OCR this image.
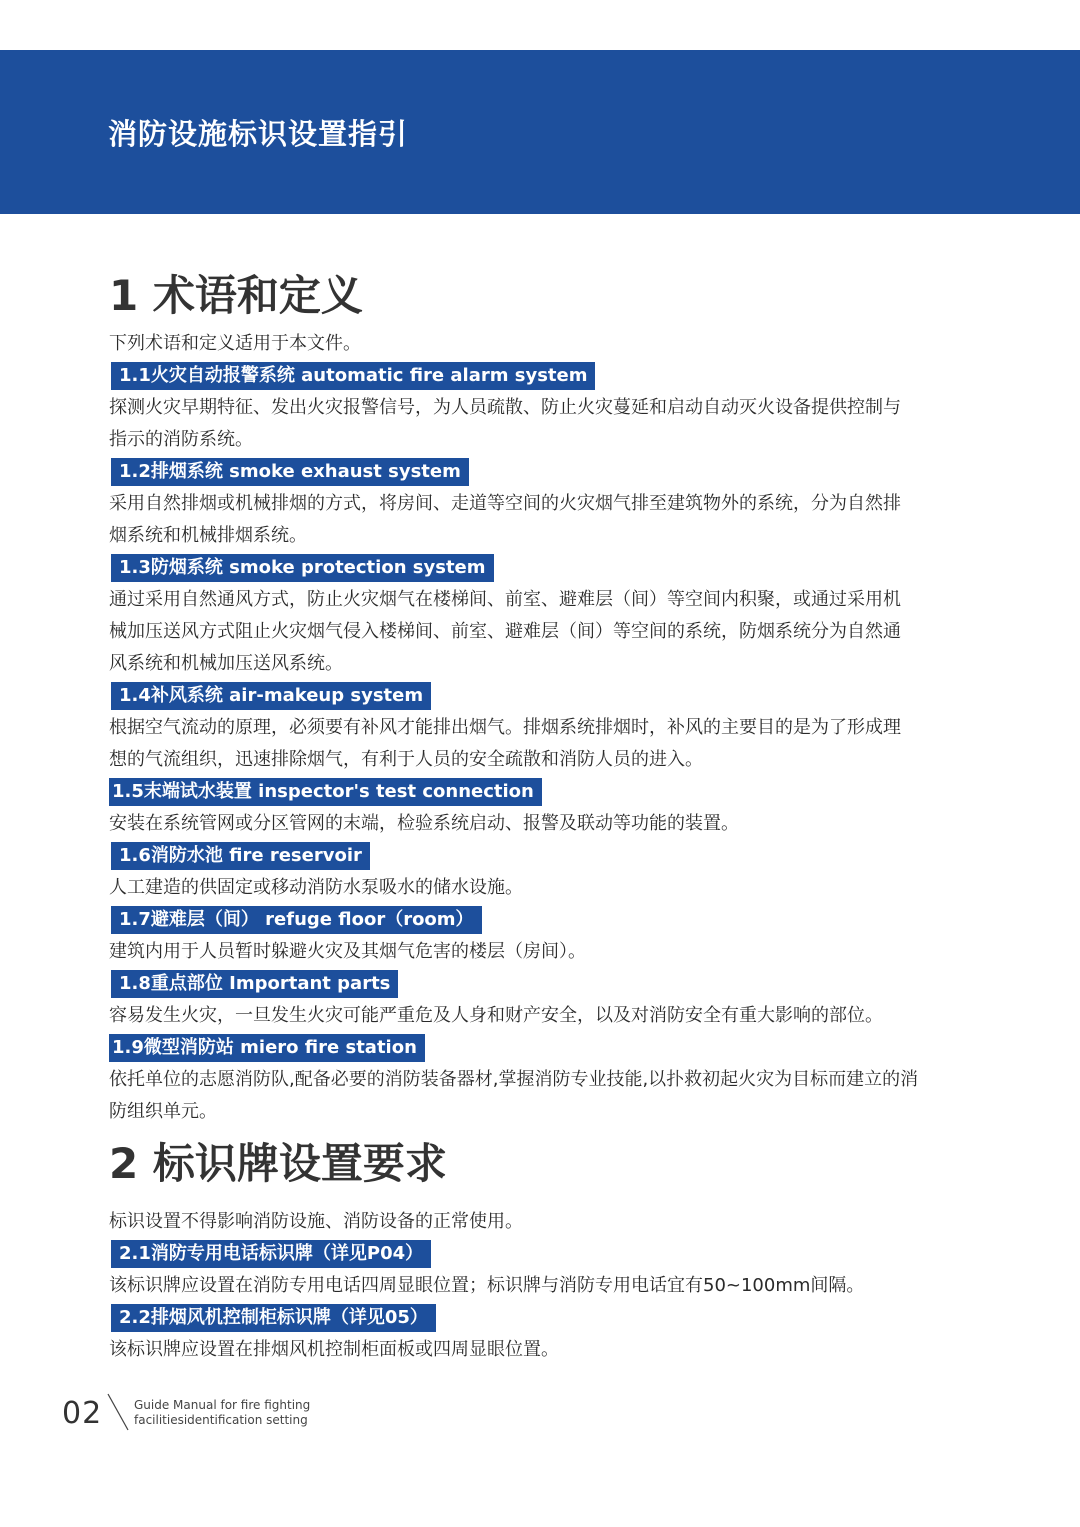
消防设施标识设置指引
1 术语和定义

下列术语和定义适用于本文件。

1.1火灾自动报警系统 automatic fire alarm system

探测火灾早期特征、发出火灾报警信号，为人员疏散、防止火灾蔓延和启动自动灭火设备提供控制与

指示的消防系统。

1.2排烟系统 smoke exhaust system

采用自然排烟或机械排烟的方式，将房间、走道等空间的火灾烟气排至建筑物外的系统，分为自然排

烟系统和机械排烟系统。

1.3防烟系统 smoke protection system

通过采用自然通风方式，防止火灾烟气在楼梯间、前室、避难层（间）等空间内积聚，或通过采用机

械加压送风方式阻止火灾烟气侵入楼梯间、前室、避难层（间）等空间的系统，防烟系统分为自然通

风系统和机械加压送风系统。

1.4补风系统 air-makeup system

根据空气流动的原理，必须要有补风才能排出烟气。排烟系统排烟时，补风的主要目的是为了形成理

想的气流组织，迅速排除烟气，有利于人员的安全疏散和消防人员的进入。

1.5末端试水装置 inspector's test connection

安装在系统管网或分区管网的末端，检验系统启动、报警及联动等功能的装置。

1.6消防水池 fire reservoir

人工建造的供固定或移动消防水泵吸水的储水设施。

1.7避难层（间） refuge floor（room）

建筑内用于人员暂时躲避火灾及其烟气危害的楼层（房间）。

1.8重点部位 Important parts

容易发生火灾，一旦发生火灾可能严重危及人身和财产安全，以及对消防安全有重大影响的部位。

1.9微型消防站 miero fire station

依托单位的志愿消防队,配备必要的消防装备器材,掌握消防专业技能,以扑救初起火灾为目标而建立的消

防组织单元。

2 标识牌设置要求

标识设置不得影响消防设施、消防设备的正常使用。

2.1消防专用电话标识牌（详见P04）

该标识牌应设置在消防专用电话四周显眼位置；标识牌与消防专用电话宜有50~100mm间隔。

2.2排烟风机控制柜标识牌（详见05）

该标识牌应设置在排烟风机控制柜面板或四周显眼位置。

02	Guide Manual for fire fighting
facilitiesidentification setting
